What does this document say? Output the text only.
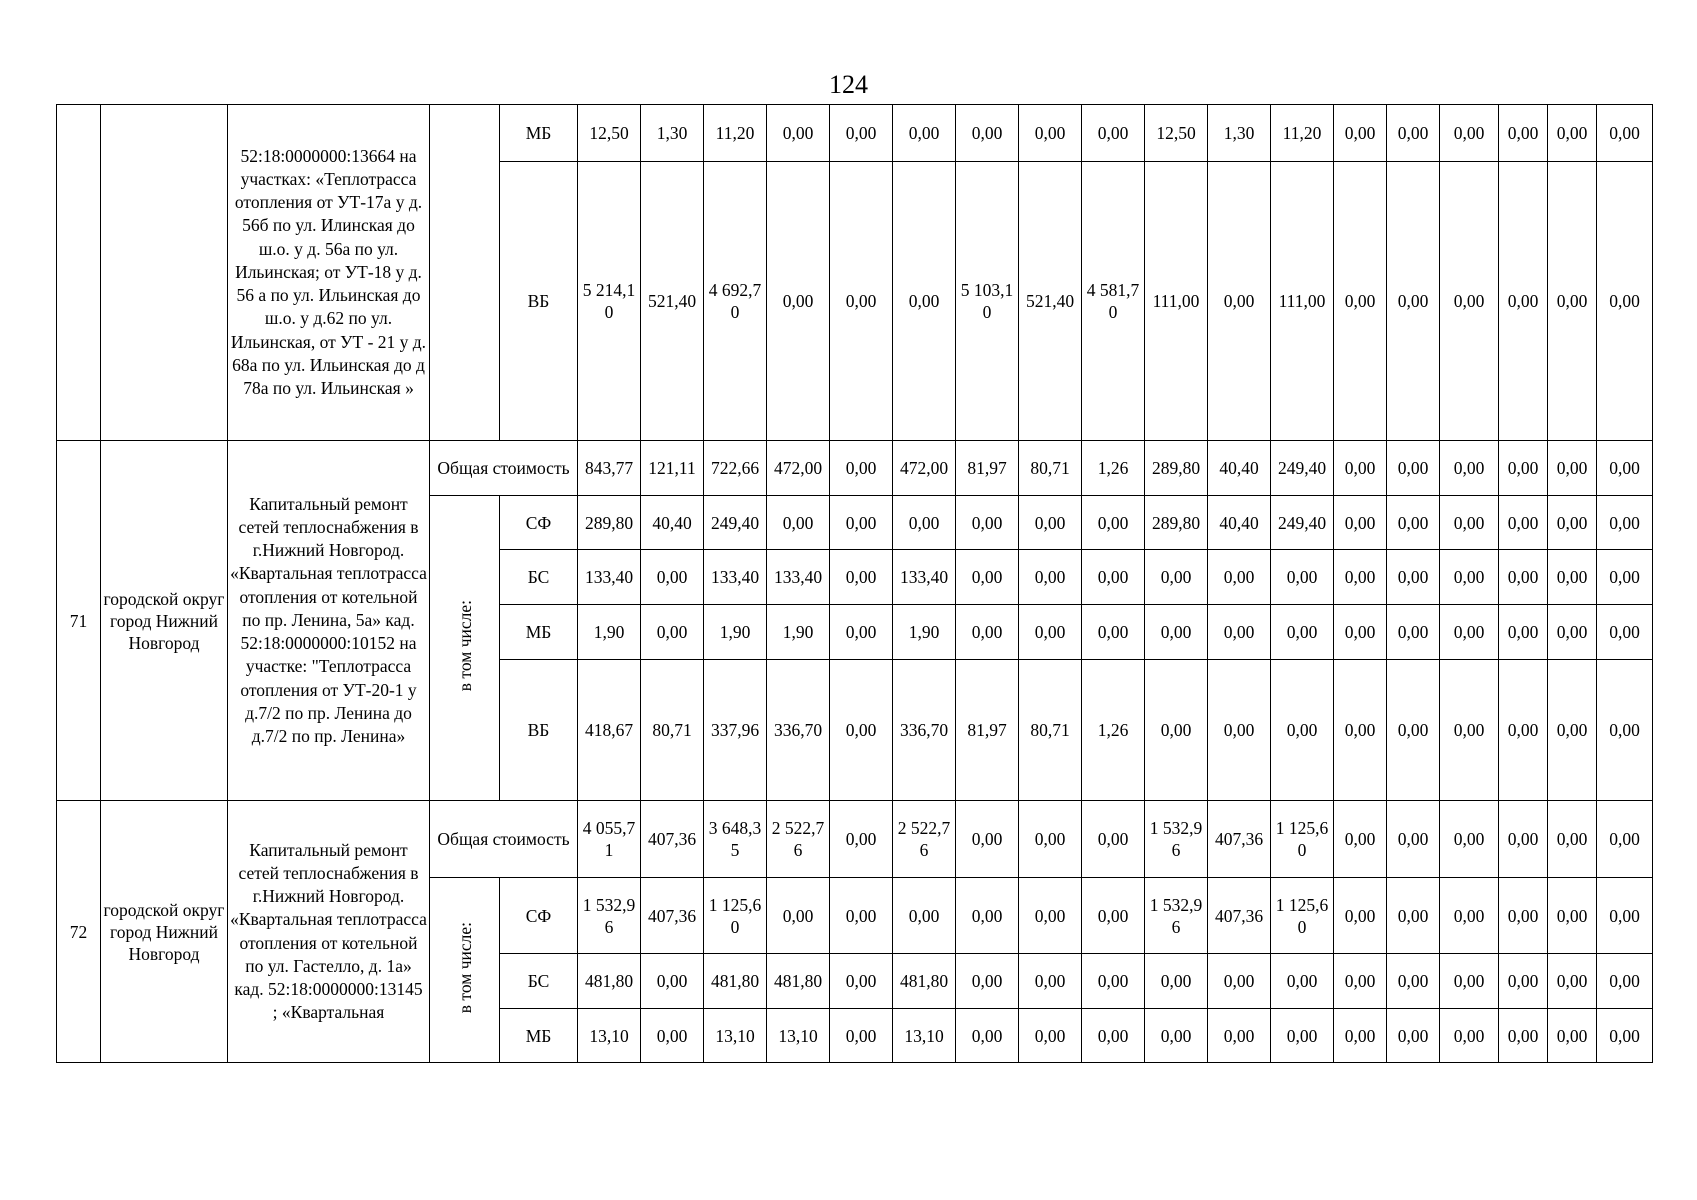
124
		52:18:0000000:13664 на участках: «Теплотрасса отопления от УТ-17а у д. 56б по ул. Илинская до ш.о. у д. 56а по ул. Ильинская; от УТ-18 у д. 56 а по ул. Ильинская до ш.о. у д.62 по ул. Ильинская, от УТ - 21 у д. 68а по ул. Ильинская до д 78а по ул. Ильинская »		МБ	12,50	1,30	11,20	0,00	0,00	0,00	0,00	0,00	0,00	12,50	1,30	11,20	0,00	0,00	0,00	0,00	0,00	0,00
				ВБ	5 214,10	521,40	4 692,70	0,00	0,00	0,00	5 103,10	521,40	4 581,70	111,00	0,00	111,00	0,00	0,00	0,00	0,00	0,00	0,00
71	городской округ город Нижний Новгород	Капитальный ремонт сетей теплоснабжения в г.Нижний Новгород. «Квартальная теплотрасса отопления от котельной по пр. Ленина, 5а» кад. 52:18:0000000:10152 на участке: "Теплотрасса отопления от УТ-20-1 у д.7/2 по пр. Ленина до д.7/2 по пр. Ленина»	Общая стоимость		843,77	121,11	722,66	472,00	0,00	472,00	81,97	80,71	1,26	289,80	40,40	249,40	0,00	0,00	0,00	0,00	0,00	0,00
			в том числе:	СФ	289,80	40,40	249,40	0,00	0,00	0,00	0,00	0,00	0,00	289,80	40,40	249,40	0,00	0,00	0,00	0,00	0,00	0,00
				БС	133,40	0,00	133,40	133,40	0,00	133,40	0,00	0,00	0,00	0,00	0,00	0,00	0,00	0,00	0,00	0,00	0,00	0,00
				МБ	1,90	0,00	1,90	1,90	0,00	1,90	0,00	0,00	0,00	0,00	0,00	0,00	0,00	0,00	0,00	0,00	0,00	0,00
				ВБ	418,67	80,71	337,96	336,70	0,00	336,70	81,97	80,71	1,26	0,00	0,00	0,00	0,00	0,00	0,00	0,00	0,00	0,00
72	городской округ город Нижний Новгород	Капитальный ремонт сетей теплоснабжения в г.Нижний Новгород. «Квартальная теплотрасса отопления от котельной по ул. Гастелло, д. 1а» кад. 52:18:0000000:13145 ; «Квартальная	Общая стоимость		4 055,71	407,36	3 648,35	2 522,76	0,00	2 522,76	0,00	0,00	0,00	1 532,96	407,36	1 125,60	0,00	0,00	0,00	0,00	0,00	0,00
			в том числе:	СФ	1 532,96	407,36	1 125,60	0,00	0,00	0,00	0,00	0,00	0,00	1 532,96	407,36	1 125,60	0,00	0,00	0,00	0,00	0,00	0,00
				БС	481,80	0,00	481,80	481,80	0,00	481,80	0,00	0,00	0,00	0,00	0,00	0,00	0,00	0,00	0,00	0,00	0,00	0,00
				МБ	13,10	0,00	13,10	13,10	0,00	13,10	0,00	0,00	0,00	0,00	0,00	0,00	0,00	0,00	0,00	0,00	0,00	0,00
